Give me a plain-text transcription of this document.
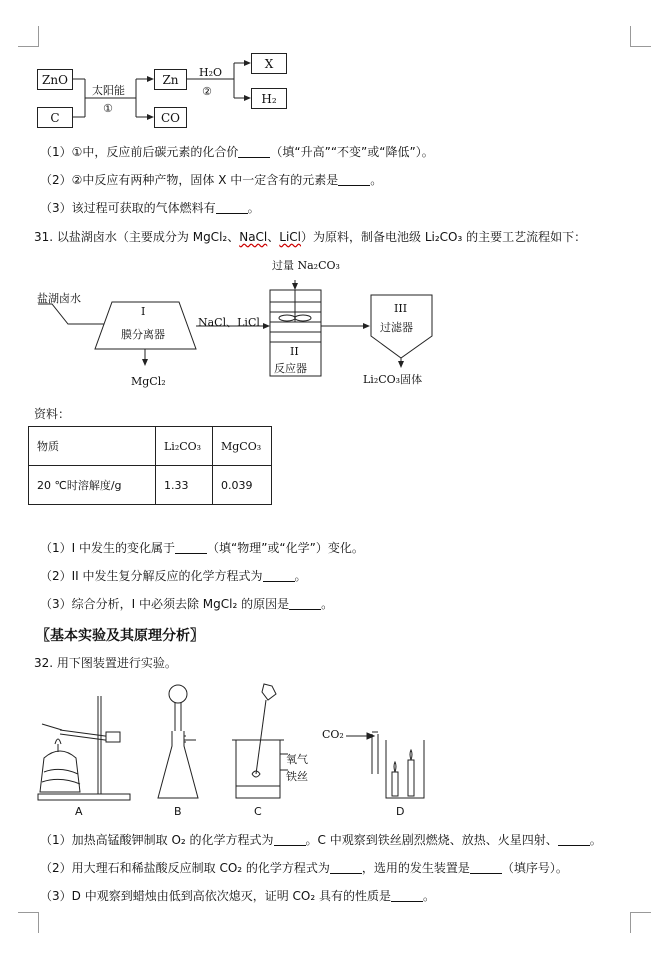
ZnO
C
太阳能
①
Zn
CO
H₂O
②
X
H₂
（1）①中，反应前后碳元素的化合价	（填“升高”“不变”或“降低”）。
（2）②中反应有两种产物，固体 X 中一定含有的元素是	。
（3）该过程可获取的气体燃料有	。
31. 以盐湖卤水（主要成分为 MgCl₂、NaCl、LiCl）为原料，制备电池级 Li₂CO₃ 的主要工艺流程如下：
盐湖卤水
过量 Na₂CO₃
I
膜分离器
NaCl、LiCl
MgCl₂
II
反应器
III
过滤器
Li₂CO₃固体
资料：
物质	Li₂CO₃	MgCO₃
20 ℃时溶解度/g	1.33	0.039
（1）I 中发生的变化属于	（填“物理”或“化学”）变化。
（2）II 中发生复分解反应的化学方程式为	。
（3）综合分析，I 中必须去除 MgCl₂ 的原因是	。
〖基本实验及其原理分析〗
32. 用下图装置进行实验。
氧气
铁丝
CO₂
A	B	C	D
（1）加热高锰酸钾制取 O₂ 的化学方程式为	。C 中观察到铁丝剧烈燃烧、放热、火星四射、	。
（2）用大理石和稀盐酸反应制取 CO₂ 的化学方程式为	，选用的发生装置是	（填序号）。
（3）D 中观察到蜡烛由低到高依次熄灭，证明 CO₂ 具有的性质是	。
